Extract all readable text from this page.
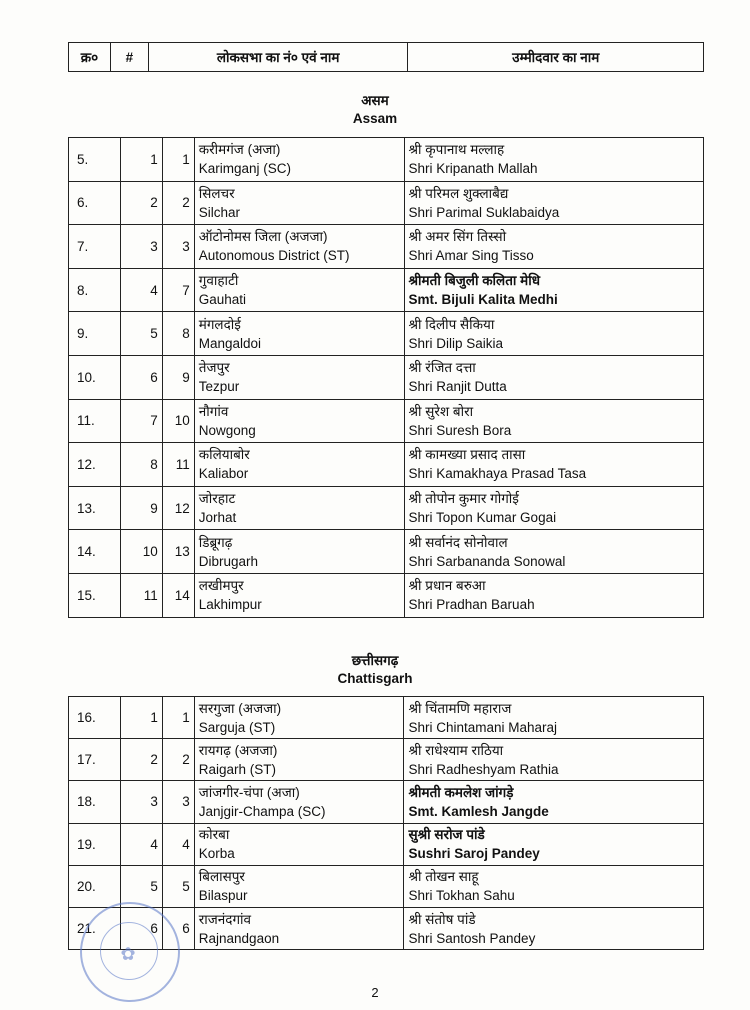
क्र०	#	लोकसभा का नं० एवं नाम	उम्मीदवार का नाम
असम
Assam
5.	1	1	करीमगंज (अजा)
Karimganj (SC)	श्री कृपानाथ मल्लाह
Shri Kripanath Mallah

6.	2	2	सिलचर
Silchar	श्री परिमल शुक्लाबैद्य
Shri Parimal Suklabaidya

7.	3	3	ऑटोनोमस जिला (अजजा)
Autonomous District (ST)	श्री अमर सिंग तिस्सो
Shri Amar Sing Tisso

8.	4	7	गुवाहाटी
Gauhati	श्रीमती बिजुली कलिता मेधि
Smt. Bijuli Kalita Medhi

9.	5	8	मंगलदोई
Mangaldoi	श्री दिलीप सैकिया
Shri Dilip Saikia

10.	6	9	तेजपुर
Tezpur	श्री रंजित दत्ता
Shri Ranjit Dutta

11.	7	10	नौगांव
Nowgong	श्री सुरेश बोरा
Shri Suresh Bora

12.	8	11	कलियाबोर
Kaliabor	श्री कामख्या प्रसाद तासा
Shri Kamakhaya Prasad Tasa

13.	9	12	जोरहाट
Jorhat	श्री तोपोन कुमार गोगोई
Shri Topon Kumar Gogai

14.	10	13	डिब्रूगढ़
Dibrugarh	श्री सर्वानंद सोनोवाल
Shri Sarbananda Sonowal

15.	11	14	लखीमपुर
Lakhimpur	श्री प्रधान बरुआ
Shri Pradhan Baruah
छत्तीसगढ़
Chattisgarh
16.	1	1	सरगुजा (अजजा)
Sarguja (ST)	श्री चिंतामणि महाराज
Shri Chintamani Maharaj

17.	2	2	रायगढ़ (अजजा)
Raigarh (ST)	श्री राधेश्याम राठिया
Shri Radheshyam Rathia

18.	3	3	जांजगीर-चंपा (अजा)
Janjgir-Champa (SC)	श्रीमती कमलेश जांगड़े
Smt. Kamlesh Jangde

19.	4	4	कोरबा
Korba	सुश्री सरोज पांडे
Sushri Saroj Pandey

20.	5	5	बिलासपुर
Bilaspur	श्री तोखन साहू
Shri Tokhan Sahu

21.	6	6	राजनंदगांव
Rajnandgaon	श्री संतोष पांडे
Shri Santosh Pandey
✿
2
